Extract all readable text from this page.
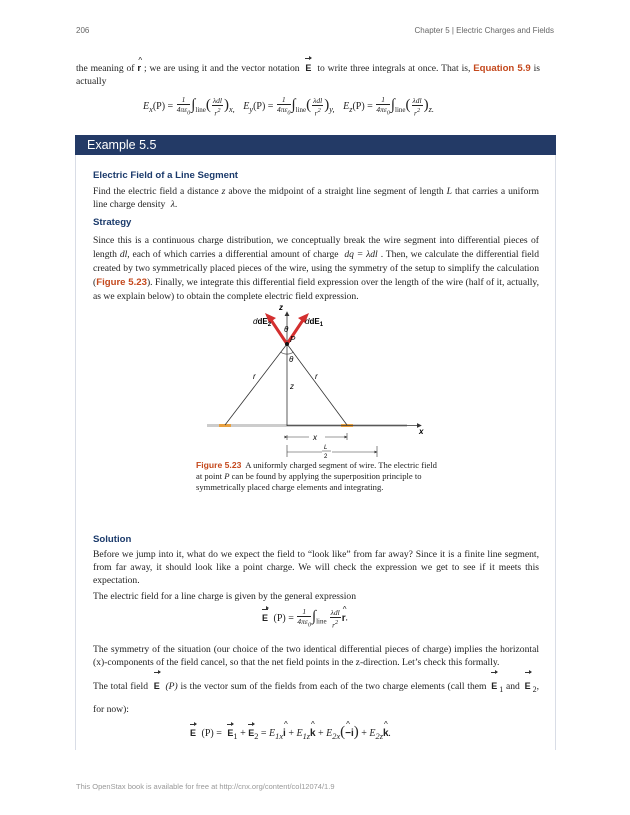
206	Chapter 5 | Electric Charges and Fields
the meaning of ^ r ; we are using it and the vector notation E to write three integrals at once. That is, Equation 5.9 is actually
$E_x(P) = \frac{1}{4\pi\varepsilon_0} \int_{line}( \frac{\text{λdl}}{r^2} )_{x,}$ $E_y(P) = \frac{1}{4\pi\varepsilon_0} \int_{line}( \frac{\text{λdl}}{r^2} )_{y,}$ $E_z(P) = \frac{1}{4\pi\varepsilon_0} \int_{line}( \frac{\text{λdl}}{r^2} )_{z.}$
Example 5.5
Electric Field of a Line Segment
Find the electric field a distance z above the midpoint of a straight line segment of length L that carries a uniform line charge density λ.
Strategy
Since this is a continuous charge distribution, we conceptually break the wire segment into differential pieces of length dl, each of which carries a differential amount of charge dq = λdl . Then, we calculate the differential field created by two symmetrically placed pieces of the wire, using the symmetry of the setup to simplify the calculation (Figure 5.23). Finally, we integrate this differential field expression over the length of the wire (half of it, actually, as we explain below) to obtain the complete electric field expression.
z
x
ddE$_2$	ddE$_1$
P
θ
θ
r	r
z
x
L
2
Figure 5.23 A uniformly charged segment of wire. The electric field at point P can be found by applying the superposition principle to symmetrically placed charge elements and integrating.
Solution
Before we jump into it, what do we expect the field to “look like” from far away? Since it is a finite line segment, from far away, it should look like a point charge. We will check the expression we get to see if it meets this expectation.
The electric field for a line charge is given by the general expression
E $(P) = \frac{1}{4\pi\varepsilon_0} \int_{line} \frac{\text{λdl}}{r^2}$ ^ r.
The symmetry of the situation (our choice of the two identical differential pieces of charge) implies the horizontal (x)-components of the field cancel, so that the net field points in the z-direction. Let’s check this formally.
The total field E (P) is the vector sum of the fields from each of the two charge elements (call them E $_1$ and E $_2$, for now):
E $(P) = E_1 + E_2$ = $E_{1x}\^{}$ $i + E_{1z}\^{}$ $k + E_{2x}(\^{} -i)$ + $E_{2z}\^{}$ k.
This OpenStax book is available for free at http://cnx.org/content/col12074/1.9
